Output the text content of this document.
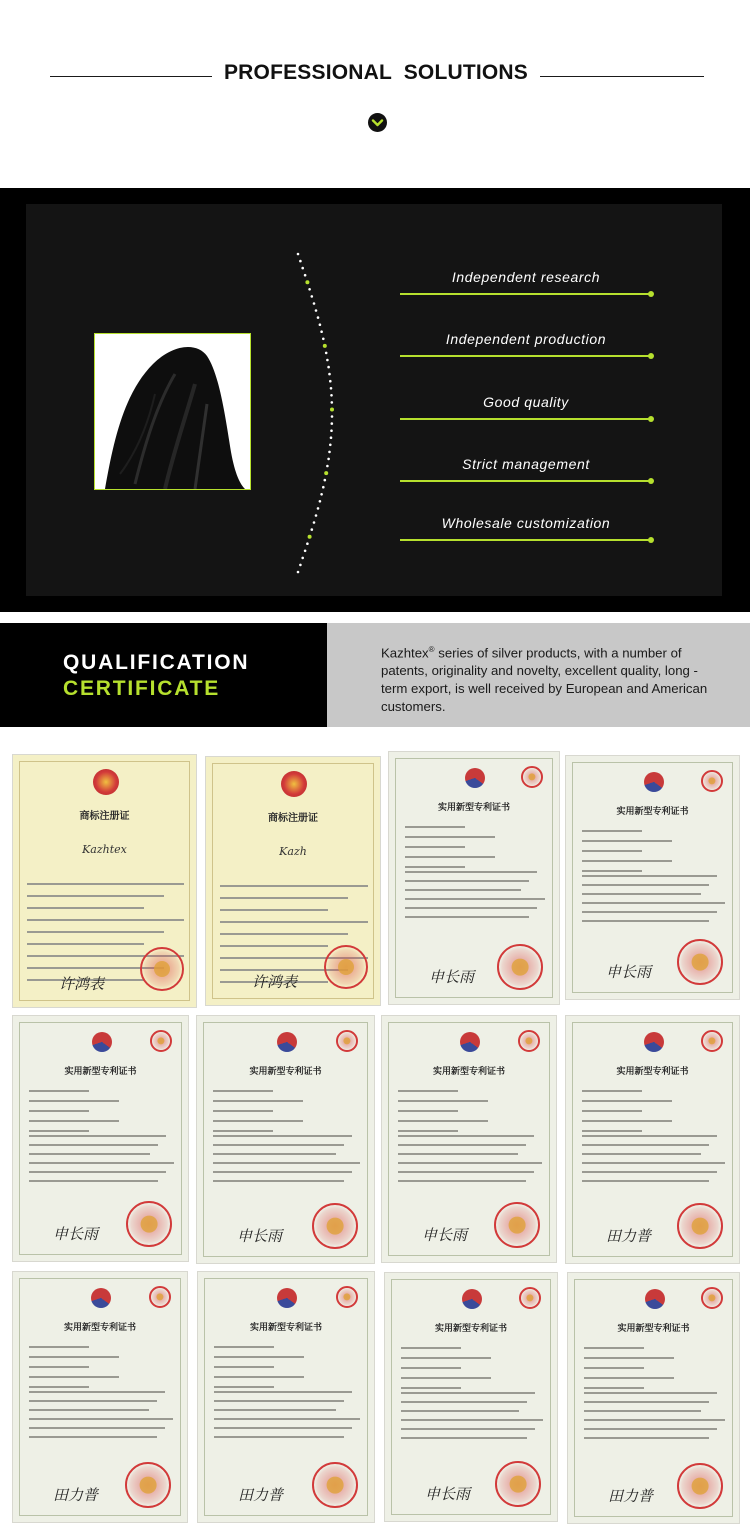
PROFESSIONAL SOLUTIONS
Independent research
Independent production
Good quality
Strict management
Wholesale customization
QUALIFICATION
CERTIFICATE
Kazhtex® series of silver products, with a number of patents, originality and novelty, excellent quality, long - term export, is well received by European and American customers.
商标注册证
Kazhtex
许鸿表
商标注册证
Kazh
许鸿表
实用新型专利证书
申长雨
实用新型专利证书
申长雨
实用新型专利证书
申长雨
实用新型专利证书
申长雨
实用新型专利证书
申长雨
实用新型专利证书
田力普
实用新型专利证书
田力普
实用新型专利证书
田力普
实用新型专利证书
申长雨
实用新型专利证书
田力普
